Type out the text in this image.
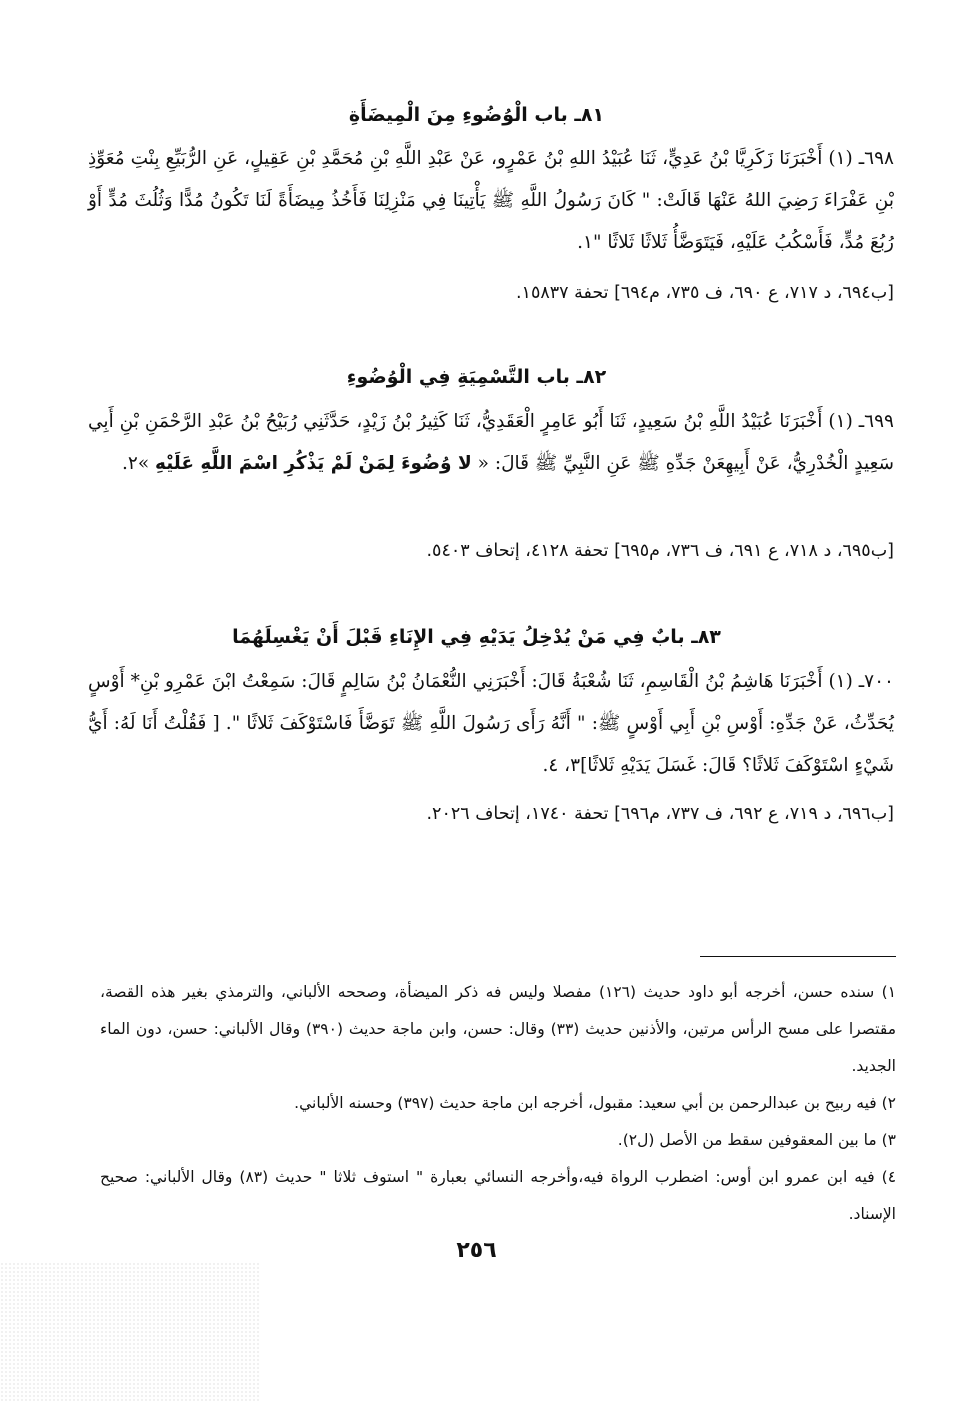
٨١ـ باب الْوُضُوءِ مِنَ الْمِيضَأَةِ
٦٩٨ـ (١) أَخْبَرَنَا زَكَرِيَّا بْنُ عَدِيٍّ، ثَنَا عُبَيْدُ اللهِ بْنُ عَمْرٍو، عَنْ عَبْدِ اللَّهِ بْنِ مُحَمَّدِ بْنِ عَقِيلٍ، عَنِ الرُّبَيِّعِ بِنْتِ مُعَوِّذِ بْنِ عَفْرَاءَ رَضِيَ اللهُ عَنْهَا قَالَتْ: " كَانَ رَسُولُ اللَّهِ ﷺ يَأْتِينَا فِي مَنْزِلِنَا فَأَخُذُ مِيضَأَةً لَنَا تَكُونُ مُدًّا وَثُلُثَ مُدٍّ أَوْ رُبُعَ مُدٍّ، فَأَسْكُبُ عَلَيْهِ، فَيَتَوَضَّأُ ثَلاثًا ثَلاثًا "١.
[ب٦٩٤، د ٧١٧، ع ٦٩٠، ف ٧٣٥، م٦٩٤] تحفة ١٥٨٣٧.
٨٢ـ باب التَّسْمِيَةِ فِي الْوُضُوءِ
٦٩٩ـ (١) أَخْبَرَنَا عُبَيْدُ اللَّهِ بْنُ سَعِيدٍ، ثَنَا أَبُو عَامِرٍ الْعَقَدِيُّ، ثَنَا كَثِيرُ بْنُ زَيْدٍ، حَدَّثَنِي رُبَيْحُ بْنُ عَبْدِ الرَّحْمَنِ بْنِ أَبِي سَعِيدٍ الْخُدْرِيُّ، عَنْ أَبِيهِعَنْ جَدِّهِ ﷺ عَنِ النَّبِيِّ ﷺ قَالَ: « لا وُضُوءَ لِمَنْ لَمْ يَذْكُرِ اسْمَ اللَّهِ عَلَيْهِ »٢.
[ب٦٩٥، د ٧١٨، ع ٦٩١، ف ٧٣٦، م٦٩٥] تحفة ٤١٢٨، إتحاف ٥٤٠٣.
٨٣ـ بابٌ فِي مَنْ يُدْخِلُ يَدَيْهِ فِي الإِنَاءِ قَبْلَ أَنْ يَغْسِلَهُمَا
٧٠٠ـ (١) أَخْبَرَنَا هَاشِمُ بْنُ الْقَاسِمِ، ثَنَا شُعْبَةُ قَالَ: أَخْبَرَنِي النُّعْمَانُ بْنُ سَالِمٍ قَالَ: سَمِعْتُ ابْنَ عَمْرِو بْنِ* أَوْسٍ يُحَدِّثُ، عَنْ جَدِّهِ: أَوْسِ بْنِ أَبِي أَوْسٍ ﷺ: " أَنَّهُ رَأَى رَسُولَ اللَّهِ ﷺ تَوَضَّأَ فَاسْتَوْكَفَ ثَلاثًا ". [ فَقُلْتُ أَنَا لَهُ: أَيُّ شَيْءٍ اسْتَوْكَفَ ثَلاثًا؟ قَالَ: غَسَلَ يَدَيْهِ ثَلاثًا]٣، ٤.
[ب٦٩٦، د ٧١٩، ع ٦٩٢، ف ٧٣٧، م٦٩٦] تحفة ١٧٤٠، إتحاف ٢٠٢٦.

١) سنده حسن، أخرجه أبو داود حديث (١٢٦) مفصلا وليس فه ذكر الميضأة، وصححه الألباني، والترمذي بغير هذه القصة، مقتصرا على مسح الرأس مرتين، والأذنين حديث (٣٣) وقال: حسن، وابن ماجة حديث (٣٩٠) وقال الألباني: حسن، دون الماء الجديد.

٢) فيه ربيح بن عبدالرحمن بن أبي سعيد: مقبول، أخرجه ابن ماجة حديث (٣٩٧) وحسنه الألباني.

٣) ما بين المعقوفين سقط من الأصل (ل٢).

٤) فيه ابن عمرو ابن أوس: اضطرب الرواة فيه،وأخرجه النسائي بعبارة " استوف ثلاثا " حديث (٨٣) وقال الألباني: صحيح الإسناد.

٢٥٦
